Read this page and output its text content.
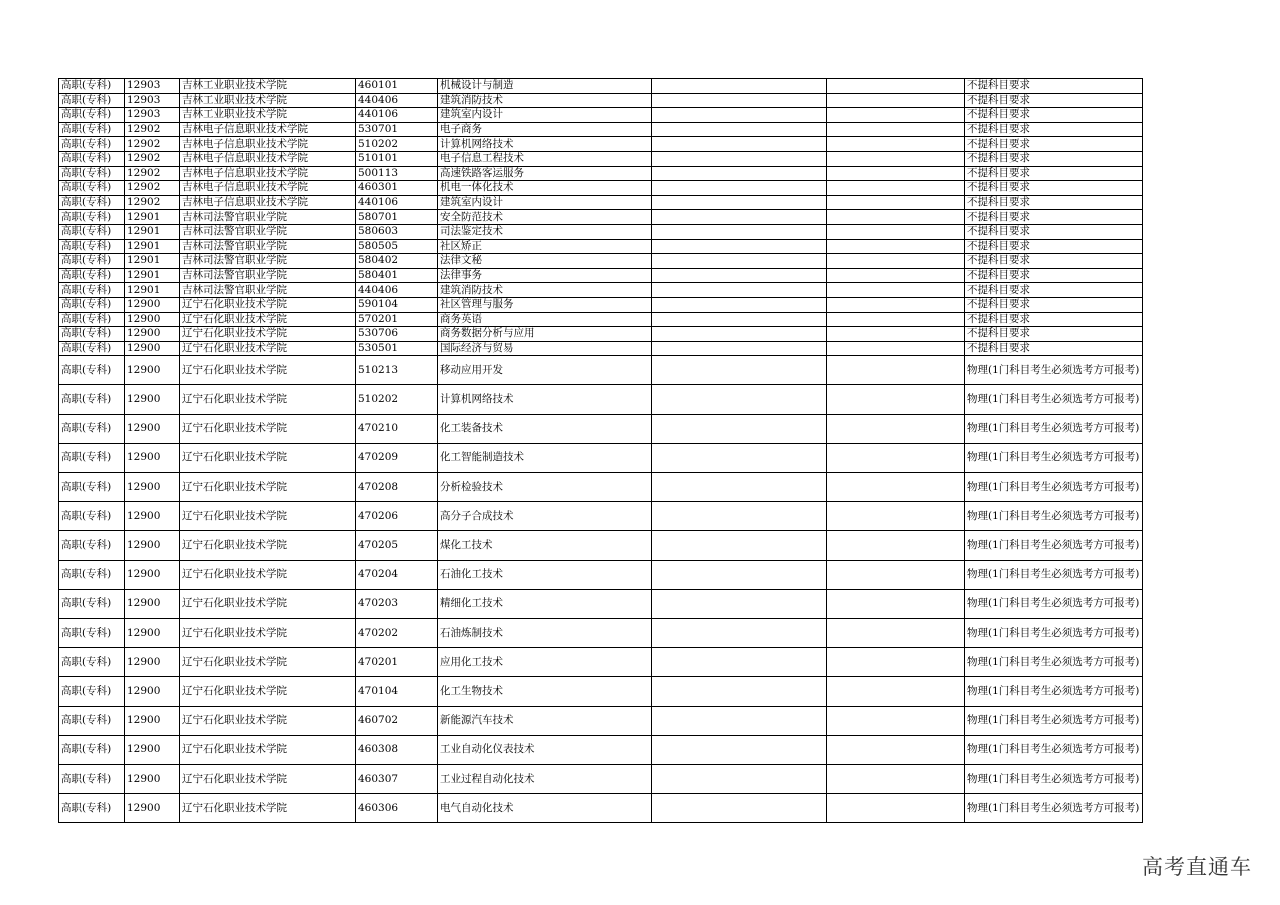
高职(专科)	12903	吉林工业职业技术学院	460101	机械设计与制造			不提科目要求
高职(专科)	12903	吉林工业职业技术学院	440406	建筑消防技术			不提科目要求
高职(专科)	12903	吉林工业职业技术学院	440106	建筑室内设计			不提科目要求
高职(专科)	12902	吉林电子信息职业技术学院	530701	电子商务			不提科目要求
高职(专科)	12902	吉林电子信息职业技术学院	510202	计算机网络技术			不提科目要求
高职(专科)	12902	吉林电子信息职业技术学院	510101	电子信息工程技术			不提科目要求
高职(专科)	12902	吉林电子信息职业技术学院	500113	高速铁路客运服务			不提科目要求
高职(专科)	12902	吉林电子信息职业技术学院	460301	机电一体化技术			不提科目要求
高职(专科)	12902	吉林电子信息职业技术学院	440106	建筑室内设计			不提科目要求
高职(专科)	12901	吉林司法警官职业学院	580701	安全防范技术			不提科目要求
高职(专科)	12901	吉林司法警官职业学院	580603	司法鉴定技术			不提科目要求
高职(专科)	12901	吉林司法警官职业学院	580505	社区矫正			不提科目要求
高职(专科)	12901	吉林司法警官职业学院	580402	法律文秘			不提科目要求
高职(专科)	12901	吉林司法警官职业学院	580401	法律事务			不提科目要求
高职(专科)	12901	吉林司法警官职业学院	440406	建筑消防技术			不提科目要求
高职(专科)	12900	辽宁石化职业技术学院	590104	社区管理与服务			不提科目要求
高职(专科)	12900	辽宁石化职业技术学院	570201	商务英语			不提科目要求
高职(专科)	12900	辽宁石化职业技术学院	530706	商务数据分析与应用			不提科目要求
高职(专科)	12900	辽宁石化职业技术学院	530501	国际经济与贸易			不提科目要求
高职(专科)	12900	辽宁石化职业技术学院	510213	移动应用开发			物理(1门科目考生必须选考方可报考)
高职(专科)	12900	辽宁石化职业技术学院	510202	计算机网络技术			物理(1门科目考生必须选考方可报考)
高职(专科)	12900	辽宁石化职业技术学院	470210	化工装备技术			物理(1门科目考生必须选考方可报考)
高职(专科)	12900	辽宁石化职业技术学院	470209	化工智能制造技术			物理(1门科目考生必须选考方可报考)
高职(专科)	12900	辽宁石化职业技术学院	470208	分析检验技术			物理(1门科目考生必须选考方可报考)
高职(专科)	12900	辽宁石化职业技术学院	470206	高分子合成技术			物理(1门科目考生必须选考方可报考)
高职(专科)	12900	辽宁石化职业技术学院	470205	煤化工技术			物理(1门科目考生必须选考方可报考)
高职(专科)	12900	辽宁石化职业技术学院	470204	石油化工技术			物理(1门科目考生必须选考方可报考)
高职(专科)	12900	辽宁石化职业技术学院	470203	精细化工技术			物理(1门科目考生必须选考方可报考)
高职(专科)	12900	辽宁石化职业技术学院	470202	石油炼制技术			物理(1门科目考生必须选考方可报考)
高职(专科)	12900	辽宁石化职业技术学院	470201	应用化工技术			物理(1门科目考生必须选考方可报考)
高职(专科)	12900	辽宁石化职业技术学院	470104	化工生物技术			物理(1门科目考生必须选考方可报考)
高职(专科)	12900	辽宁石化职业技术学院	460702	新能源汽车技术			物理(1门科目考生必须选考方可报考)
高职(专科)	12900	辽宁石化职业技术学院	460308	工业自动化仪表技术			物理(1门科目考生必须选考方可报考)
高职(专科)	12900	辽宁石化职业技术学院	460307	工业过程自动化技术			物理(1门科目考生必须选考方可报考)
高职(专科)	12900	辽宁石化职业技术学院	460306	电气自动化技术			物理(1门科目考生必须选考方可报考)
高考直通车
